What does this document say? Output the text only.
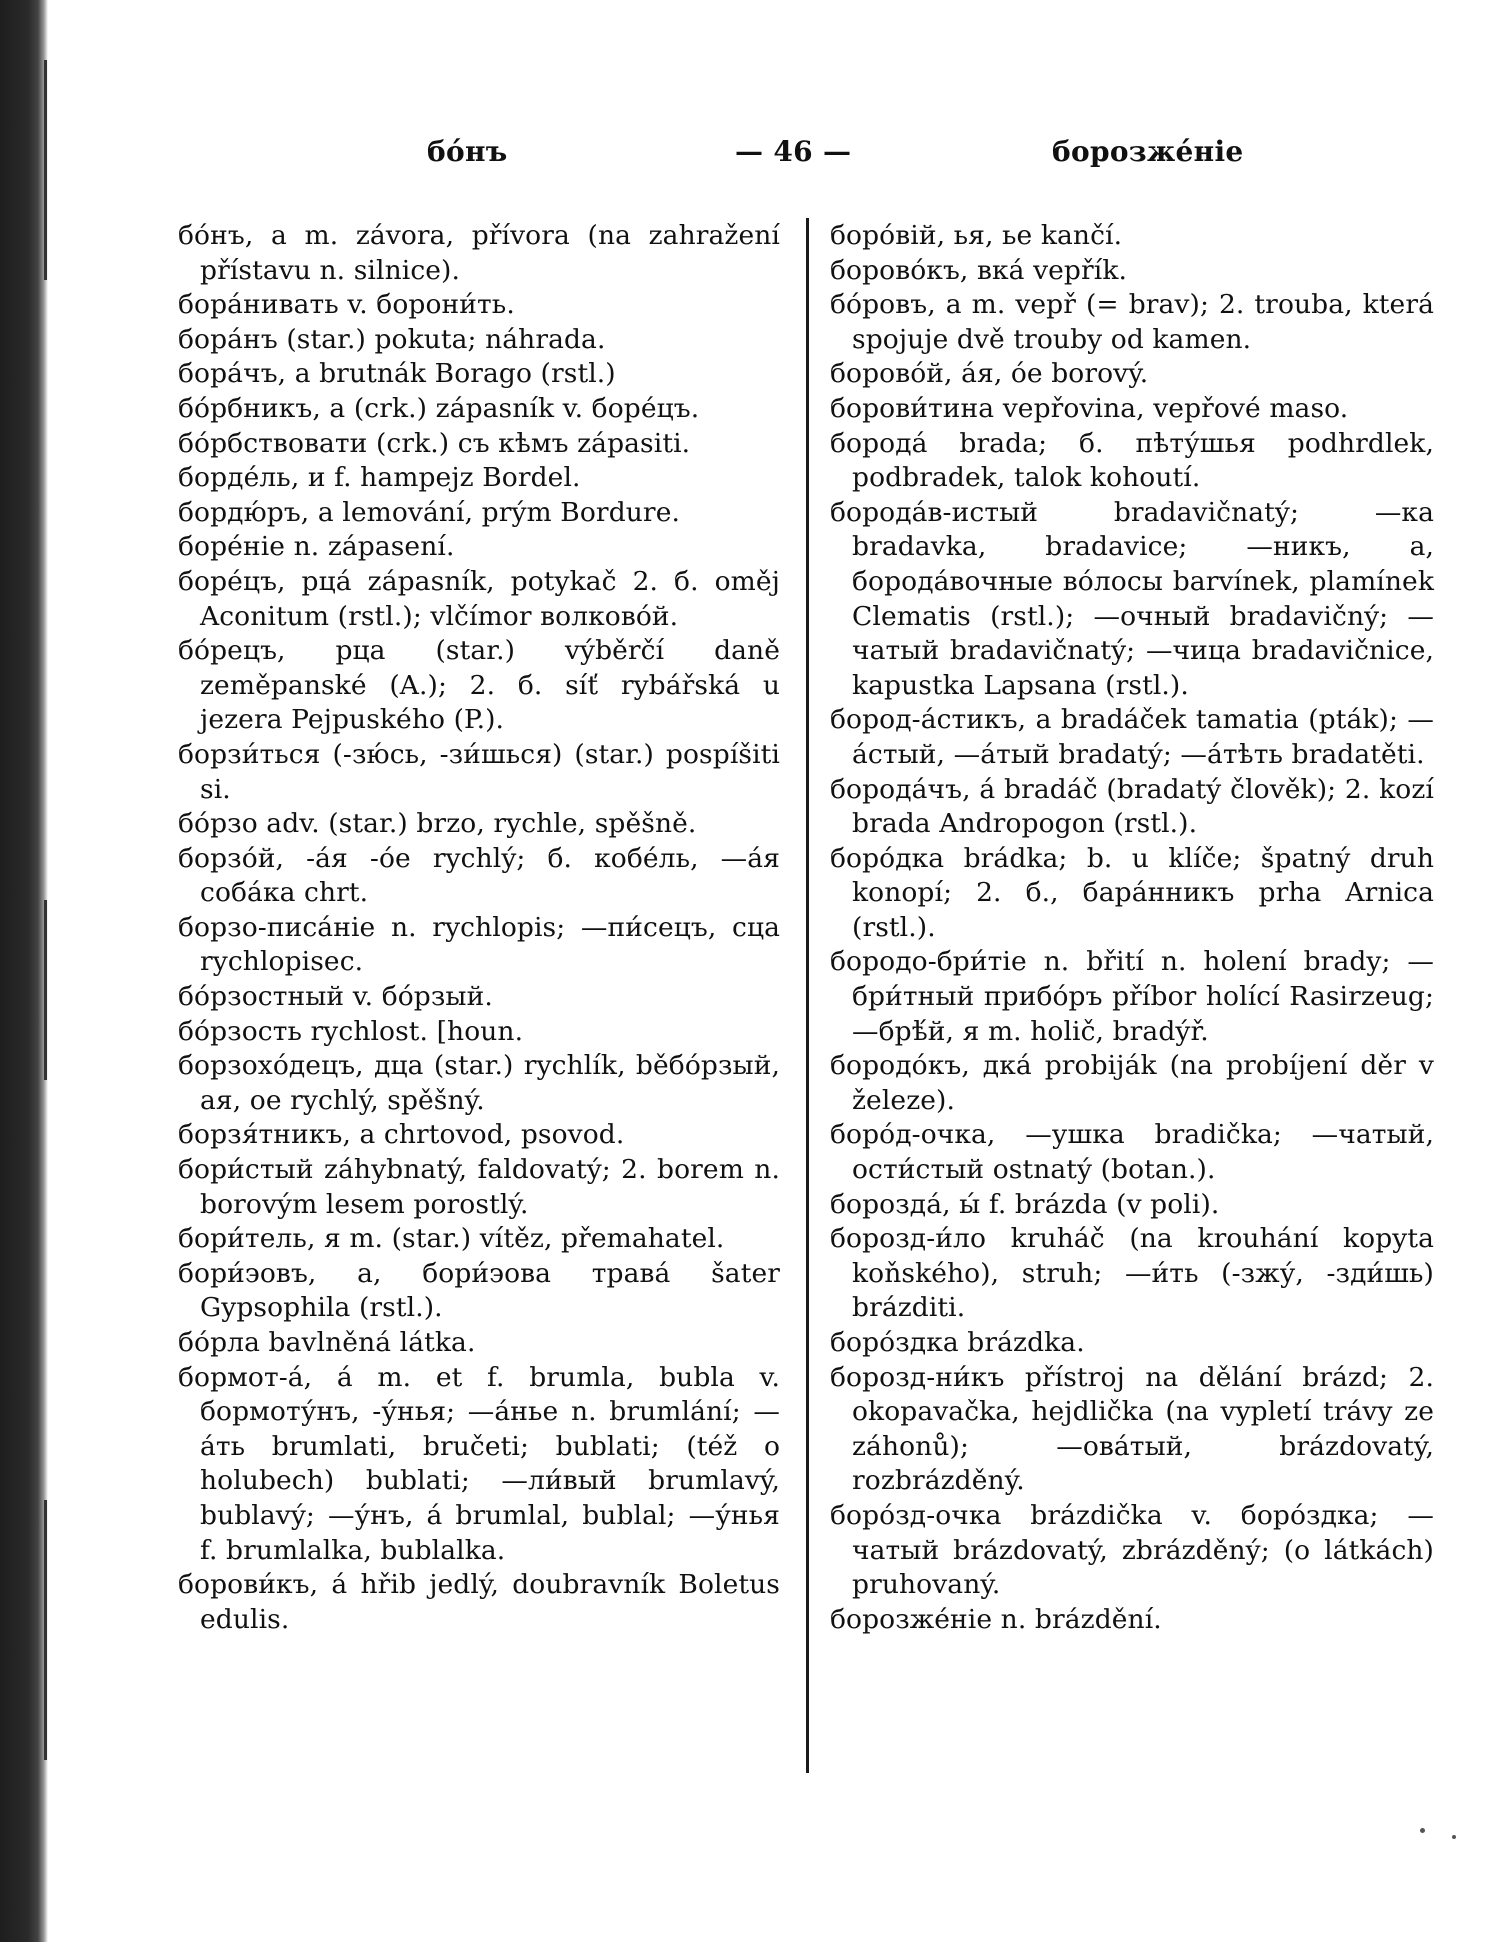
бо́нъ	— 46 —	борозже́ніе

бо́нъ, а m. závora, přívora (na zahražení přístavu n. silnice).

бора́нивать v. борони́ть.

бора́нъ (star.) pokuta; náhrada.

бора́чъ, а brutnák Borago (rstl.)

бо́рбникъ, а (crk.) zápasník v. боре́цъ.

бо́рбствовати (crk.) съ кѣмъ zápasiti.

борде́ль, и f. hampejz Bordel.

бордю́ръ, а lemování, prým Bordure.

боре́ніе n. zápasení.

боре́цъ, рца́ zápasník, potykač 2. б. oměj Aconitum (rstl.); vlčímor волково́й.

бо́рецъ, рца (star.) výběrčí daně zeměpanské (A.); 2. б. síť rybářská u jezera Pejpuského (P.).

борзи́ться (-зю́сь, -зи́шься) (star.) pospíšiti si.

бо́рзо adv. (star.) brzo, rychle, spěšně.

борзо́й, -а́я -о́е rychlý; б. кобе́ль, —а́я соба́ка chrt.

борзо-писа́ніе n. rychlopis; —пи́сецъ, сца rychlopisec.

бо́рзостный v. бо́рзый.

бо́рзость rychlost. [houn.

борзохо́децъ, дца (star.) rychlík, běбо́рзый, ая, ое rychlý, spěšný.

борзя́тникъ, а chrtovod, psovod.

бори́стый záhybnatý, faldovatý; 2. borem n. borovým lesem porostlý.

бори́тель, я m. (star.) vítěz, přemahatel.

бори́эовъ, а, бори́эова трава́ šater Gypsophila (rstl.).

бо́рла bavlněná látka.

бормот-а́, а́ m. et f. brumla, bubla v. бормоту́нъ, -у́нья; —а́нье n. brumlání; —а́ть brumlati, bručeti; bublati; (též o holubech) bublati; —ли́вый brumlavý, bublavý; —у́нъ, а́ brumlal, bublal; —у́нья f. brumlalka, bublalka.

борови́къ, а́ hřib jedlý, doubravník Boletus edulis.

боро́вій, ья, ье kančí.

боровóкъ, вка́ vepřík.

бо́ровъ, а m. vepř (= brav); 2. trouba, která spojuje dvě trouby od kamen.

борово́й, а́я, о́е borový.

борови́тина vepřovina, vepřové maso.

борода́ brada; б. пѣту́шья podhrdlek, podbradek, talok kohoutí.

борода́в-истый bradavičnatý; —ка bradavka, bradavice; —никъ, а, борода́вочные во́лосы barvínek, plamínek Clematis (rstl.); —очный bradavičný; —чатый bradavičnatý; —чица bradavičnice, kapustka Lapsana (rstl.).

бород-а́стикъ, а bradáček tamatia (pták); —а́стый, —а́тый bradatý; —а́тѣть bradatěti.

борода́чъ, а́ bradáč (bradatý člověk); 2. kozí brada Andropogon (rstl.).

боро́дка brádka; b. u klíče; špatný druh konopí; 2. б., бара́нникъ prha Arnica (rstl.).

бородо-бри́тіе n. břití n. holení brady; —бри́тный прибо́ръ příbor holící Rasirzeug; —брѣ́й, я m. holič, bradýř.

бородо́къ, дка́ probiják (na probíjení děr v železe).

боро́д-очка, —ушка bradička; —чатый, ости́стый ostnatý (botan.).

борозда́, ы́ f. brázda (v poli).

борозд-и́ло kruháč (na krouhání kopyta koňského), struh; —и́ть (-зжу́, -зди́шь) brázditi.

боро́здка brázdka.

борозд-ни́къ přístroj na dělání brázd; 2. okopavačka, hejdlička (na vypletí trávy ze záhonů); —ова́тый, brázdovatý, rozbrázděný.

боро́зд-очка brázdička v. боро́здка; —чатый brázdovatý, zbrázděný; (o látkách) pruhovaný.

борозже́ніе n. brázdění.
